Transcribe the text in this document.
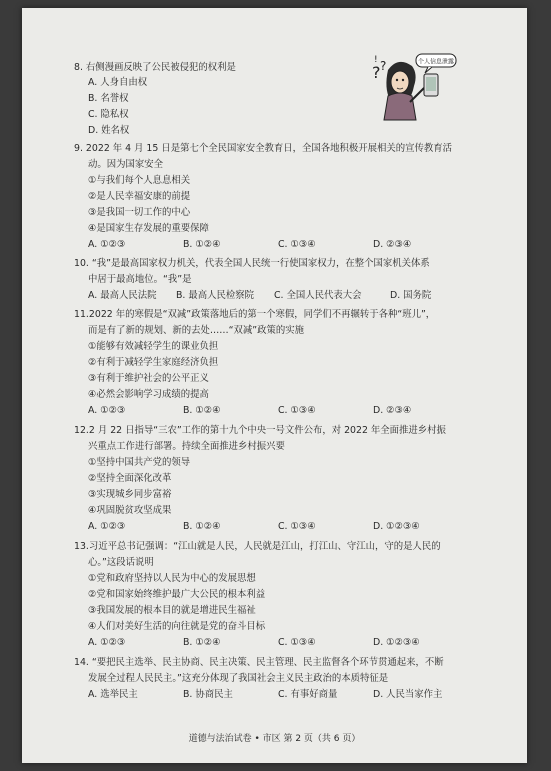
8. 右侧漫画反映了公民被侵犯的权利是
A. 人身自由权
B. 名誉权
C. 隐私权
D. 姓名权
? ?
!	个人信息泄露
9. 2022 年 4 月 15 日是第七个全民国家安全教育日，全国各地积极开展相关的宣传教育活
动。因为国家安全
①与我们每个人息息相关
②是人民幸福安康的前提
③是我国一切工作的中心
④是国家生存发展的重要保障
A. ①②③	B. ①②④	C. ①③④	D. ②③④
10. “我”是最高国家权力机关，代表全国人民统一行使国家权力，在整个国家机关体系
中居于最高地位。“我”是
A. 最高人民法院 B. 最高人民检察院 C. 全国人民代表大会	D. 国务院
11.2022 年的寒假是“双减”政策落地后的第一个寒假，同学们不再辗转于各种“班儿”，
而是有了新的规划、新的去处……“双减”政策的实施
①能够有效减轻学生的课业负担
②有利于减轻学生家庭经济负担
③有利于维护社会的公平正义
④必然会影响学习成绩的提高
A. ①②③	B. ①②④	C. ①③④	D. ②③④
12.2 月 22 日指导“三农”工作的第十九个中央一号文件公布，对 2022 年全面推进乡村振
兴重点工作进行部署。持续全面推进乡村振兴要
①坚持中国共产党的领导
②坚持全面深化改革
③实现城乡同步富裕
④巩固脱贫攻坚成果
A. ①②③	B. ①②④	C. ①③④	D. ①②③④
13.习近平总书记强调：“江山就是人民，人民就是江山，打江山、守江山，守的是人民的
心。”这段话说明
①党和政府坚持以人民为中心的发展思想
②党和国家始终维护最广大公民的根本利益
③我国发展的根本目的就是增进民生福祉
④人们对美好生活的向往就是党的奋斗目标
A. ①②③	B. ①②④	C. ①③④	D. ①②③④
14. “要把民主选举、民主协商、民主决策、民主管理、民主监督各个环节贯通起来，不断
发展全过程人民民主。”这充分体现了我国社会主义民主政治的本质特征是
A. 选举民主	B. 协商民主	C. 有事好商量	D. 人民当家作主
道德与法治试卷 • 市区 第 2 页（共 6 页）
